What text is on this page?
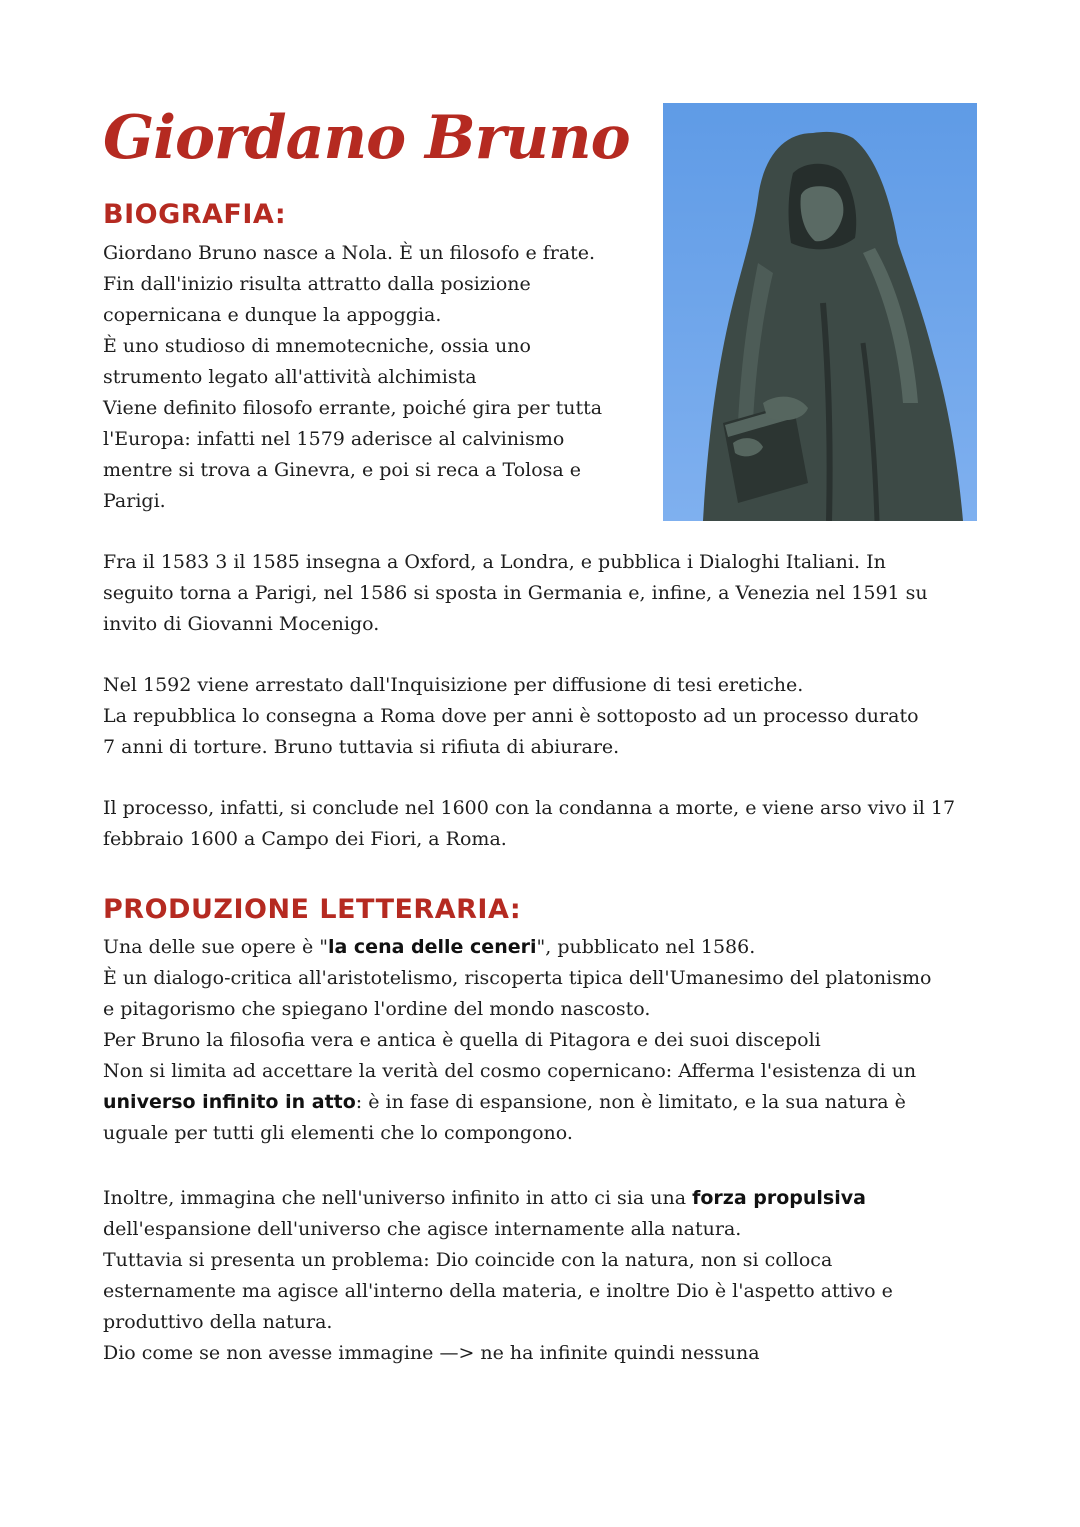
Giordano Bruno
BIOGRAFIA:

Giordano Bruno nasce a Nola. È un filosofo e frate.
Fin dall'inizio risulta attratto dalla posizione
copernicana e dunque la appoggia.
È uno studioso di mnemotecniche, ossia uno
strumento legato all'attività alchimista
Viene definito filosofo errante, poiché gira per tutta
l'Europa: infatti nel 1579 aderisce al calvinismo
mentre si trova a Ginevra, e poi si reca a Tolosa e
Parigi.

Fra il 1583 3 il 1585 insegna a Oxford, a Londra, e pubblica i Dialoghi Italiani. In
seguito torna a Parigi, nel 1586 si sposta in Germania e, infine, a Venezia nel 1591 su
invito di Giovanni Mocenigo.

Nel 1592 viene arrestato dall'Inquisizione per diffusione di tesi eretiche.
La repubblica lo consegna a Roma dove per anni è sottoposto ad un processo durato
7 anni di torture. Bruno tuttavia si rifiuta di abiurare.

Il processo, infatti, si conclude nel 1600 con la condanna a morte, e viene arso vivo il 17
febbraio 1600 a Campo dei Fiori, a Roma.

PRODUZIONE LETTERARIA:

Una delle sue opere è "la cena delle ceneri", pubblicato nel 1586.
È un dialogo-critica all'aristotelismo, riscoperta tipica dell'Umanesimo del platonismo
e pitagorismo che spiegano l'ordine del mondo nascosto.
Per Bruno la filosofia vera e antica è quella di Pitagora e dei suoi discepoli
Non si limita ad accettare la verità del cosmo copernicano: Afferma l'esistenza di un
universo infinito in atto: è in fase di espansione, non è limitato, e la sua natura è
uguale per tutti gli elementi che lo compongono.

Inoltre, immagina che nell'universo infinito in atto ci sia una forza propulsiva
dell'espansione dell'universo che agisce internamente alla natura.
Tuttavia si presenta un problema: Dio coincide con la natura, non si colloca
esternamente ma agisce all'interno della materia, e inoltre Dio è l'aspetto attivo e
produttivo della natura.
Dio come se non avesse immagine —> ne ha infinite quindi nessuna
